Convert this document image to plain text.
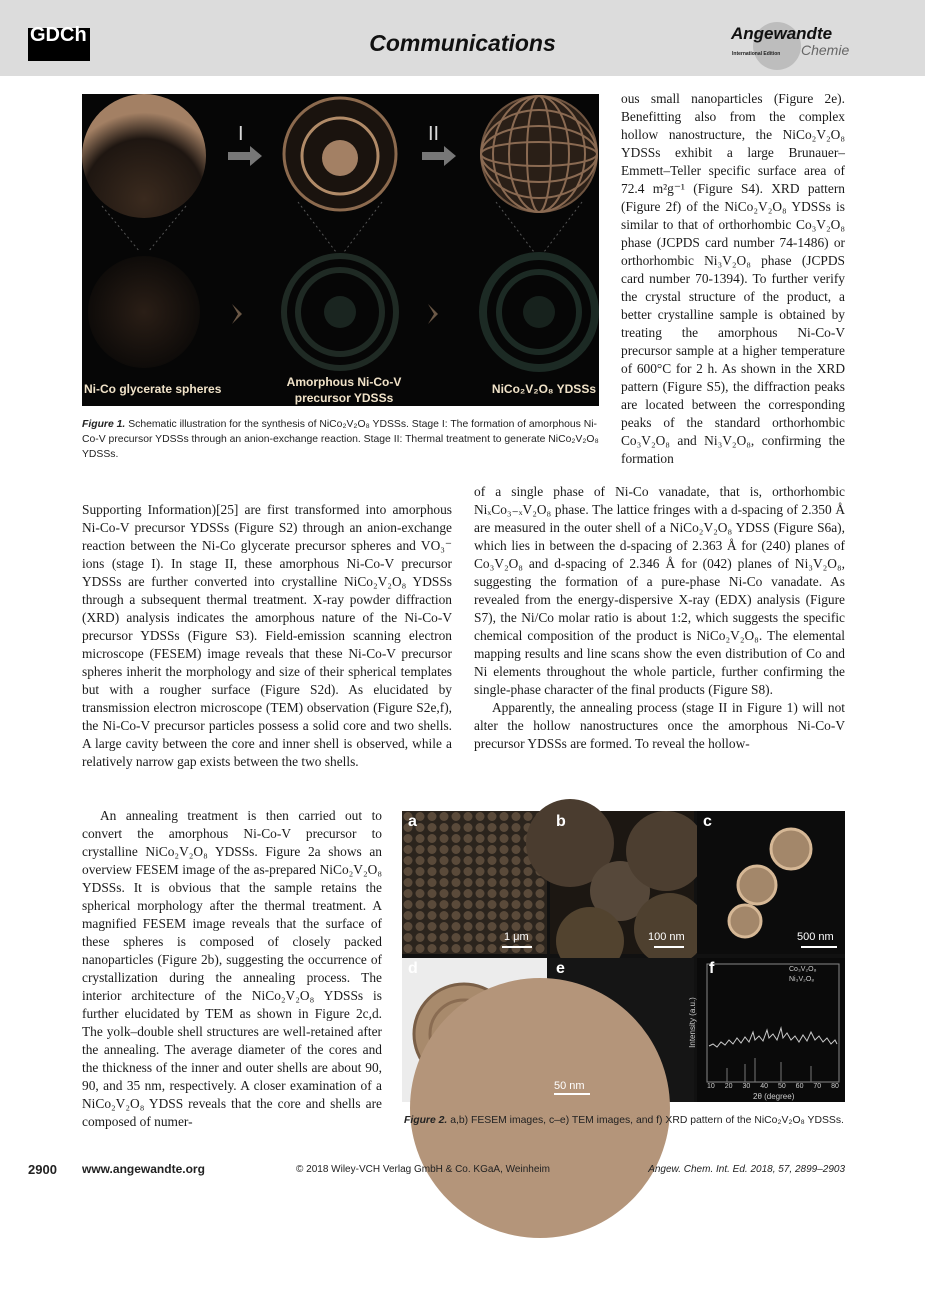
GDCh	Communications	Angewandte
International Edition Chemie
I	II
Ni-Co glycerate spheres	Amorphous Ni-Co-V
precursor YDSSs
NiCo₂V₂O₈ YDSSs
Figure 1. Schematic illustration for the synthesis of NiCo₂V₂O₈ YDSSs. Stage I: The formation of amorphous Ni-Co-V precursor YDSSs through an anion-exchange reaction. Stage II: Thermal treatment to generate NiCo₂V₂O₈ YDSSs.

ous small nanoparticles (Figure 2e). Benefitting also from the complex hollow nanostructure, the NiCo₂V₂O₈ YDSSs exhibit a large Brunauer–Emmett–Teller specific surface area of 72.4 m²g⁻¹ (Figure S4). XRD pattern (Figure 2f) of the NiCo₂V₂O₈ YDSSs is similar to that of orthorhombic Co₃V₂O₈ phase (JCPDS card number 74-1486) or orthorhombic Ni₃V₂O₈ phase (JCPDS card number 70-1394). To further verify the crystal structure of the product, a better crystalline sample is obtained by treating the amorphous Ni-Co-V precursor sample at a higher temperature of 600°C for 2 h. As shown in the XRD pattern (Figure S5), the diffraction peaks are located between the corresponding peaks of the standard orthorhombic Co₃V₂O₈ and Ni₃V₂O₈, confirming the formation

Supporting Information)[25] are first transformed into amorphous Ni-Co-V precursor YDSSs (Figure S2) through an anion-exchange reaction between the Ni-Co glycerate precursor spheres and VO₃⁻ ions (stage I). In stage II, these amorphous Ni-Co-V precursor YDSSs are further converted into crystalline NiCo₂V₂O₈ YDSSs through a subsequent thermal treatment. X-ray powder diffraction (XRD) analysis indicates the amorphous nature of the Ni-Co-V precursor YDSSs (Figure S3). Field-emission scanning electron microscope (FESEM) image reveals that these Ni-Co-V precursor spheres inherit the morphology and size of their spherical templates but with a rougher surface (Figure S2d). As elucidated by transmission electron microscope (TEM) observation (Figure S2e,f), the Ni-Co-V precursor particles possess a solid core and two shells. A large cavity between the core and inner shell is observed, while a relatively narrow gap exists between the two shells.

of a single phase of Ni-Co vanadate, that is, orthorhombic NiₓCo₃₋ₓV₂O₈ phase. The lattice fringes with a d-spacing of 2.350 Å are measured in the outer shell of a NiCo₂V₂O₈ YDSS (Figure S6a), which lies in between the d-spacing of 2.363 Å for (240) planes of Co₃V₂O₈ and d-spacing of 2.346 Å for (042) planes of Ni₃V₂O₈, suggesting the formation of a pure-phase Ni-Co vanadate. As revealed from the energy-dispersive X-ray (EDX) analysis (Figure S7), the Ni/Co molar ratio is about 1:2, which suggests the specific chemical composition of the product is NiCo₂V₂O₈. The elemental mapping results and line scans show the even distribution of Co and Ni elements throughout the whole particle, further confirming the single-phase character of the final products (Figure S8).

Apparently, the annealing process (stage II in Figure 1) will not alter the hollow nanostructures once the amorphous Ni-Co-V precursor YDSSs are formed. To reveal the hollow-

An annealing treatment is then carried out to convert the amorphous Ni-Co-V precursor to crystalline NiCo₂V₂O₈ YDSSs. Figure 2a shows an overview FESEM image of the as-prepared NiCo₂V₂O₈ YDSSs. It is obvious that the sample retains the spherical morphology after the thermal treatment. A magnified FESEM image reveals that the surface of these spheres is composed of closely packed nanoparticles (Figure 2b), suggesting the occurrence of crystallization during the annealing process. The interior architecture of the NiCo₂V₂O₈ YDSSs is further elucidated by TEM as shown in Figure 2c,d. The yolk–double shell structures are well-retained after the annealing. The average diameter of the cores and the thickness of the inner and outer shells are about 90, 90, and 35 nm, respectively. A closer examination of a NiCo₂V₂O₈ YDSS reveals that the core and shells are composed of numer-

a
1 μm
b
100 nm
c
500 nm
d	e
50 nm
f	Co₃V₂O₈
Ni₃V₂O₈
Intensity (a.u.)
10 20 30 40 50 60 70 80
2θ (degree)
Figure 2. a,b) FESEM images, c–e) TEM images, and f) XRD pattern of the NiCo₂V₂O₈ YDSSs.
2900 www.angewandte.org	© 2018 Wiley-VCH Verlag GmbH & Co. KGaA, Weinheim	Angew. Chem. Int. Ed. 2018, 57, 2899–2903
